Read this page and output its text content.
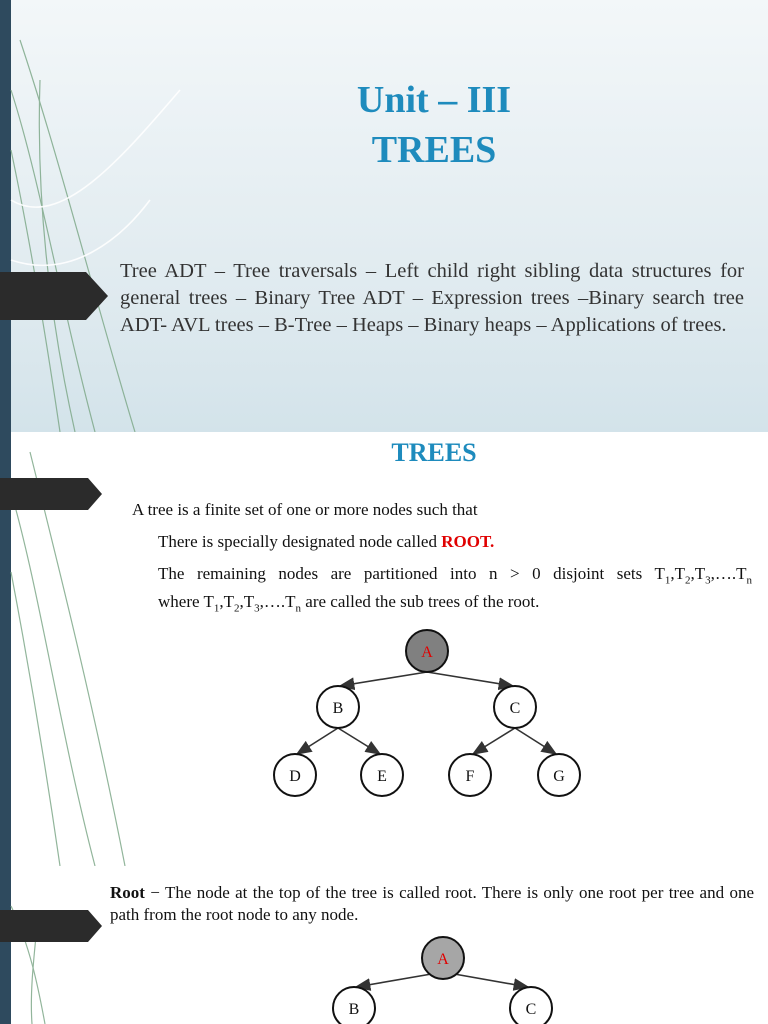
Unit – III
TREES
Tree ADT – Tree traversals – Left child right sibling data structures for general trees – Binary Tree ADT – Expression trees –Binary search tree ADT- AVL trees – B-Tree – Heaps – Binary heaps – Applications of trees.
TREES
A tree is a finite set of one or more nodes such that
There is specially designated node called ROOT.
The remaining nodes are partitioned into n > 0 disjoint sets $T_1,T_2,T_3,\dots.T_n$
where $T_1,T_2,T_3,\dots.T_n$ are called the sub trees of the root.
A
B	C
D	E	F	G
Root − The node at the top of the tree is called root. There is only one root per tree and one path from the root node to any node.
A
B	C
